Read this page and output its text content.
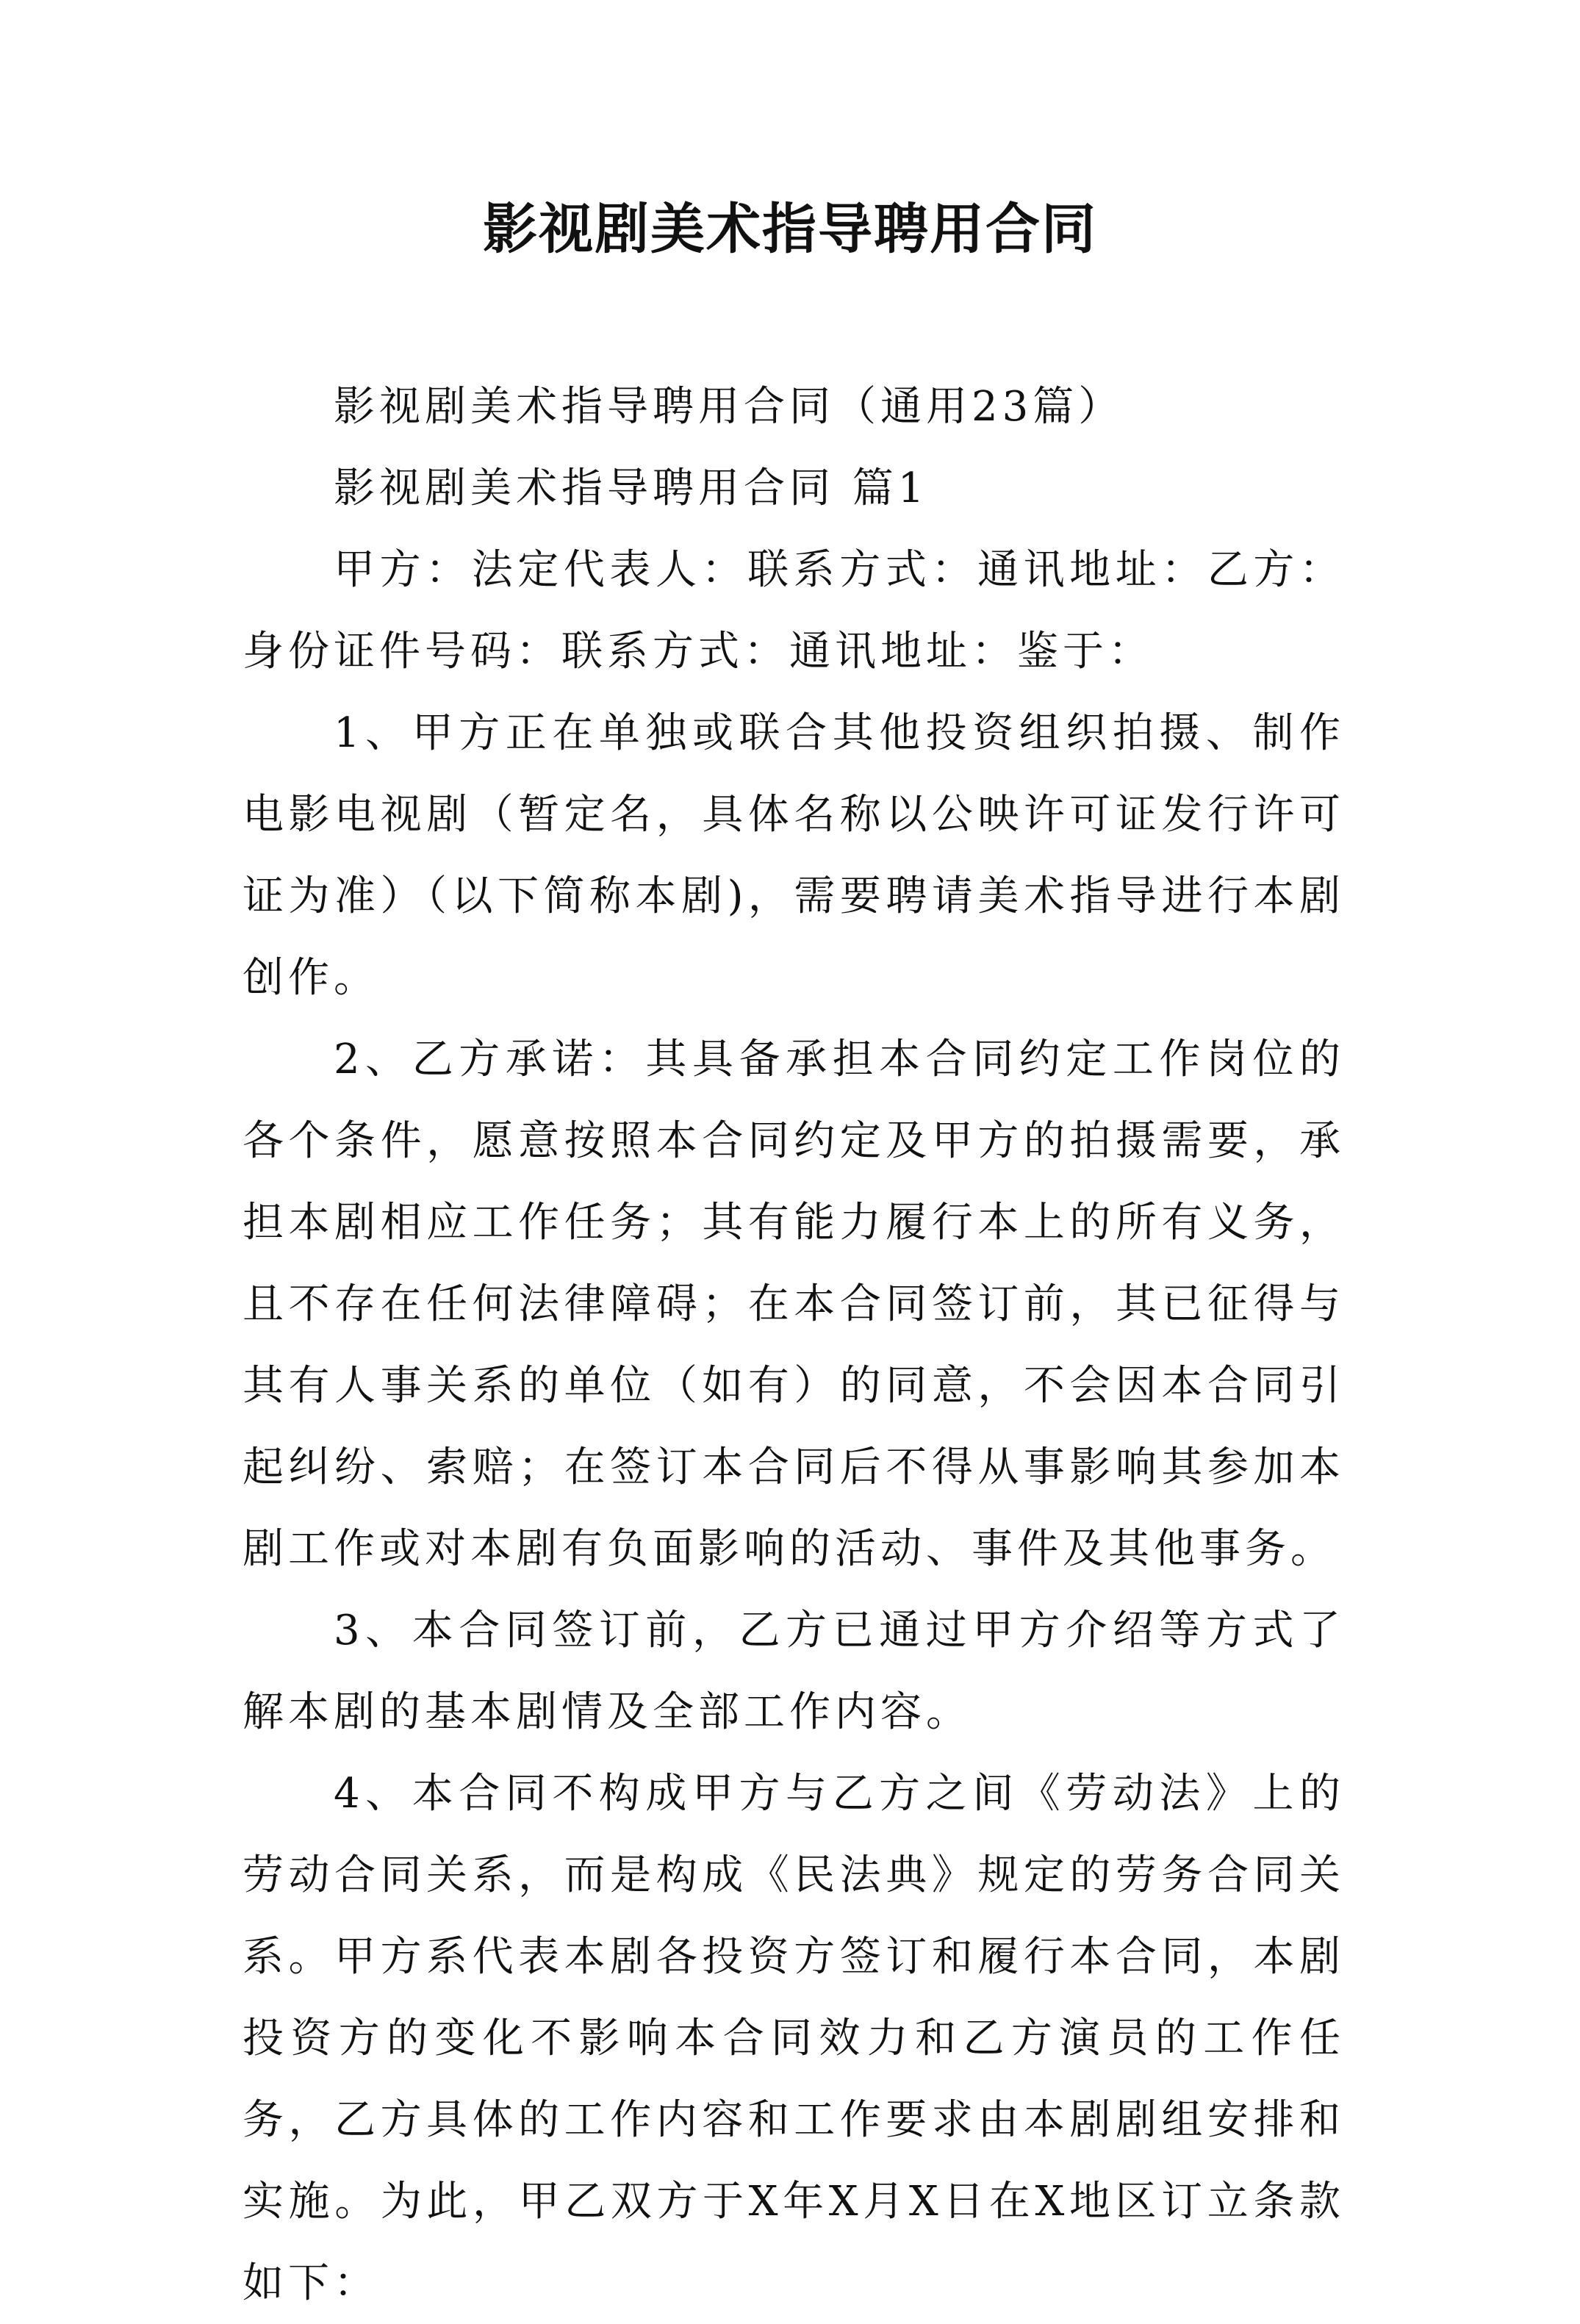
影视剧美术指导聘用合同

影视剧美术指导聘用合同（通用23篇）

影视剧美术指导聘用合同 篇1

甲方：法定代表人：联系方式：通讯地址：乙方：身份证件号码：联系方式：通讯地址：鉴于：

1、甲方正在单独或联合其他投资组织拍摄、制作电影电视剧（暂定名，具体名称以公映许可证发行许可证为准）（以下简称本剧)，需要聘请美术指导进行本剧创作。

2、乙方承诺：其具备承担本合同约定工作岗位的各个条件，愿意按照本合同约定及甲方的拍摄需要，承担本剧相应工作任务；其有能力履行本上的所有义务，且不存在任何法律障碍；在本合同签订前，其已征得与其有人事关系的单位（如有）的同意，不会因本合同引起纠纷、索赔；在签订本合同后不得从事影响其参加本剧工作或对本剧有负面影响的活动、事件及其他事务。

3、本合同签订前，乙方已通过甲方介绍等方式了解本剧的基本剧情及全部工作内容。

4、本合同不构成甲方与乙方之间《劳动法》上的劳动合同关系，而是构成《民法典》规定的劳务合同关系。甲方系代表本剧各投资方签订和履行本合同，本剧投资方的变化不影响本合同效力和乙方演员的工作任务，乙方具体的工作内容和工作要求由本剧剧组安排和实施。为此，甲乙双方于X年X月X日在X地区订立条款如下：
